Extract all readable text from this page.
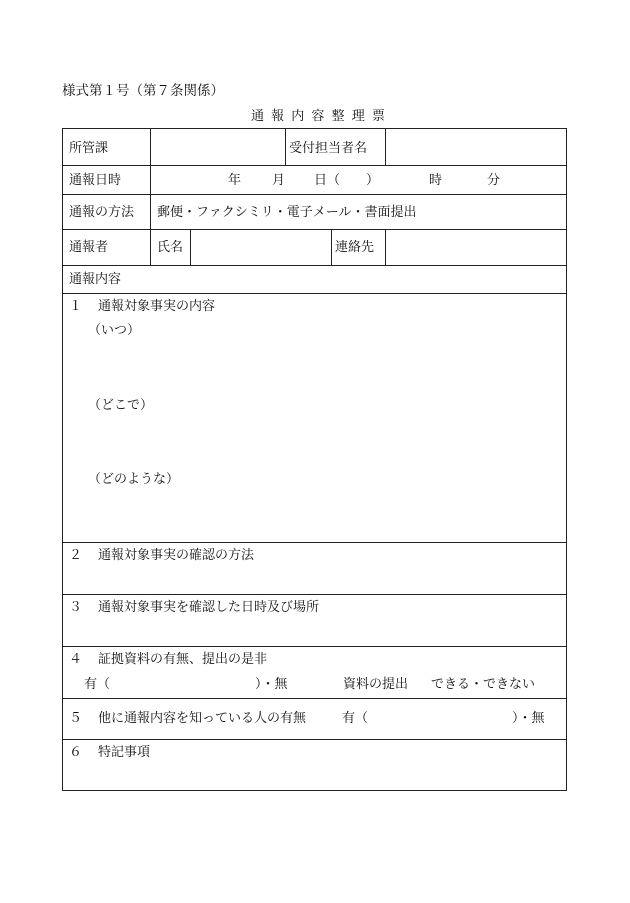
様式第１号（第７条関係）
通報内容整理票
所管課	受付担当者名
通報日時	年 月 日（ ）	時	分
通報の方法 郵便・ファクシミリ・電子メール・書面提出
通報者	氏名	連絡先
通報内容
１ 通報対象事実の内容
（いつ）
（どこで）
（どのような）
２ 通報対象事実の確認の方法
３ 通報対象事実を確認した日時及び場所
４ 証拠資料の有無、提出の是非
有（	）・無	資料の提出 できる・できない
５ 他に通報内容を知っている人の有無	有（	）・無
６ 特記事項
